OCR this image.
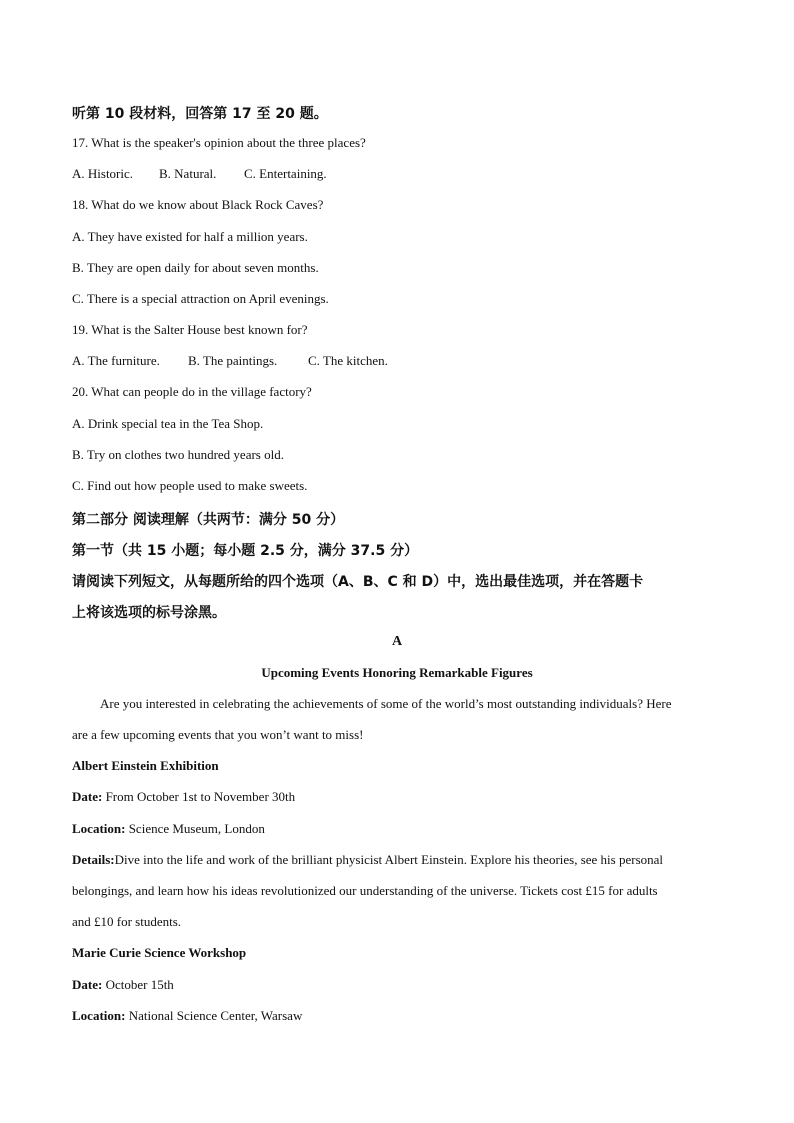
听第 10 段材料，回答第 17 至 20 题。
17. What is the speaker's opinion about the three places?
A. Historic. B. Natural. C. Entertaining.
18. What do we know about Black Rock Caves?
A. They have existed for half a million years.
B. They are open daily for about seven months.
C. There is a special attraction on April evenings.
19. What is the Salter House best known for?
A. The furniture. B. The paintings. C. The kitchen.
20. What can people do in the village factory?
A. Drink special tea in the Tea Shop.
B. Try on clothes two hundred years old.
C. Find out how people used to make sweets.
第二部分 阅读理解（共两节：满分 50 分）
第一节（共 15 小题；每小题 2.5 分，满分 37.5 分）
请阅读下列短文，从每题所给的四个选项（A、B、C 和 D）中，选出最佳选项，并在答题卡
上将该选项的标号涂黑。
A
Upcoming Events Honoring Remarkable Figures
Are you interested in celebrating the achievements of some of the world’s most outstanding individuals? Here
are a few upcoming events that you won’t want to miss!
Albert Einstein Exhibition
Date: From October 1st to November 30th
Location: Science Museum, London
Details:Dive into the life and work of the brilliant physicist Albert Einstein. Explore his theories, see his personal
belongings, and learn how his ideas revolutionized our understanding of the universe. Tickets cost £15 for adults
and £10 for students.
Marie Curie Science Workshop
Date: October 15th
Location: National Science Center, Warsaw
